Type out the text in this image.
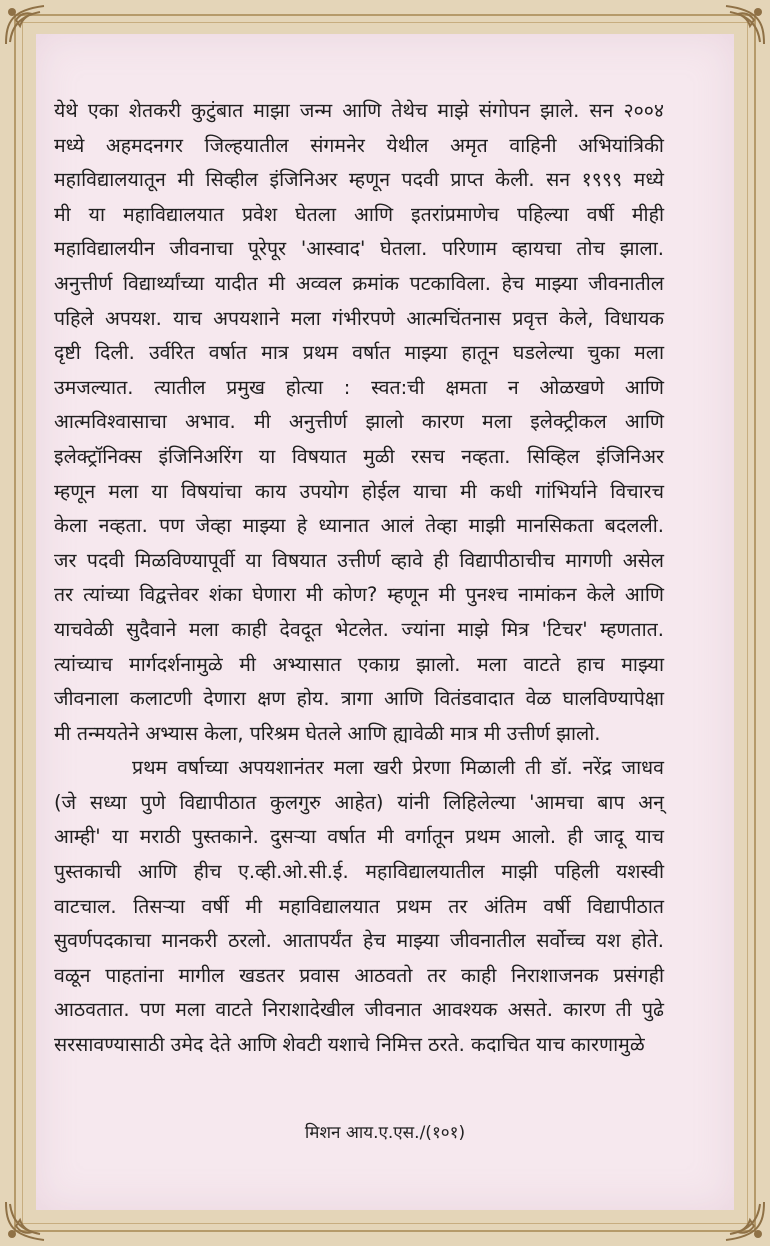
येथे एका शेतकरी कुटुंबात माझा जन्म आणि तेथेच माझे संगोपन झाले. सन २००४
मध्ये अहमदनगर जिल्हयातील संगमनेर येथील अमृत वाहिनी अभियांत्रिकी
महाविद्यालयातून मी सिव्हील इंजिनिअर म्हणून पदवी प्राप्त केली. सन १९९९ मध्ये
मी या महाविद्यालयात प्रवेश घेतला आणि इतरांप्रमाणेच पहिल्या वर्षी मीही
महाविद्यालयीन जीवनाचा पूरेपूर 'आस्वाद' घेतला. परिणाम व्हायचा तोच झाला.
अनुत्तीर्ण विद्यार्थ्यांच्या यादीत मी अव्वल क्रमांक पटकाविला. हेच माझ्या जीवनातील
पहिले अपयश. याच अपयशाने मला गंभीरपणे आत्मचिंतनास प्रवृत्त केले, विधायक
दृष्टी दिली. उर्वरित वर्षात मात्र प्रथम वर्षात माझ्या हातून घडलेल्या चुका मला
उमजल्यात. त्यातील प्रमुख होत्या : स्वत:ची क्षमता न ओळखणे आणि
आत्मविश्वासाचा अभाव. मी अनुत्तीर्ण झालो कारण मला इलेक्ट्रीकल आणि
इलेक्ट्रॉनिक्स इंजिनिअरिंग या विषयात मुळी रसच नव्हता. सिव्हिल इंजिनिअर
म्हणून मला या विषयांचा काय उपयोग होईल याचा मी कधी गांभिर्याने विचारच
केला नव्हता. पण जेव्हा माझ्या हे ध्यानात आलं तेव्हा माझी मानसिकता बदलली.
जर पदवी मिळविण्यापूर्वी या विषयात उत्तीर्ण व्हावे ही विद्यापीठाचीच मागणी असेल
तर त्यांच्या विद्वत्तेवर शंका घेणारा मी कोण? म्हणून मी पुनश्च नामांकन केले आणि
याचवेळी सुदैवाने मला काही देवदूत भेटलेत. ज्यांना माझे मित्र 'टिचर' म्हणतात.
त्यांच्याच मार्गदर्शनामुळे मी अभ्यासात एकाग्र झालो. मला वाटते हाच माझ्या
जीवनाला कलाटणी देणारा क्षण होय. त्रागा आणि वितंडवादात वेळ घालविण्यापेक्षा
मी तन्मयतेने अभ्यास केला, परिश्रम घेतले आणि ह्यावेळी मात्र मी उत्तीर्ण झालो.
प्रथम वर्षाच्या अपयशानंतर मला खरी प्रेरणा मिळाली ती डॉ. नरेंद्र जाधव
(जे सध्या पुणे विद्यापीठात कुलगुरु आहेत) यांनी लिहिलेल्या 'आमचा बाप अन्
आम्ही' या मराठी पुस्तकाने. दुसऱ्या वर्षात मी वर्गातून प्रथम आलो. ही जादू याच
पुस्तकाची आणि हीच ए.व्ही.ओ.सी.ई. महाविद्यालयातील माझी पहिली यशस्वी
वाटचाल. तिसऱ्या वर्षी मी महाविद्यालयात प्रथम तर अंतिम वर्षी विद्यापीठात
सुवर्णपदकाचा मानकरी ठरलो. आतापर्यंत हेच माझ्या जीवनातील सर्वोच्च यश होते.
वळून पाहतांना मागील खडतर प्रवास आठवतो तर काही निराशाजनक प्रसंगही
आठवतात. पण मला वाटते निराशादेखील जीवनात आवश्यक असते. कारण ती पुढे
सरसावण्यासाठी उमेद देते आणि शेवटी यशाचे निमित्त ठरते. कदाचित याच कारणामुळे
मिशन आय.ए.एस./(१०१)
